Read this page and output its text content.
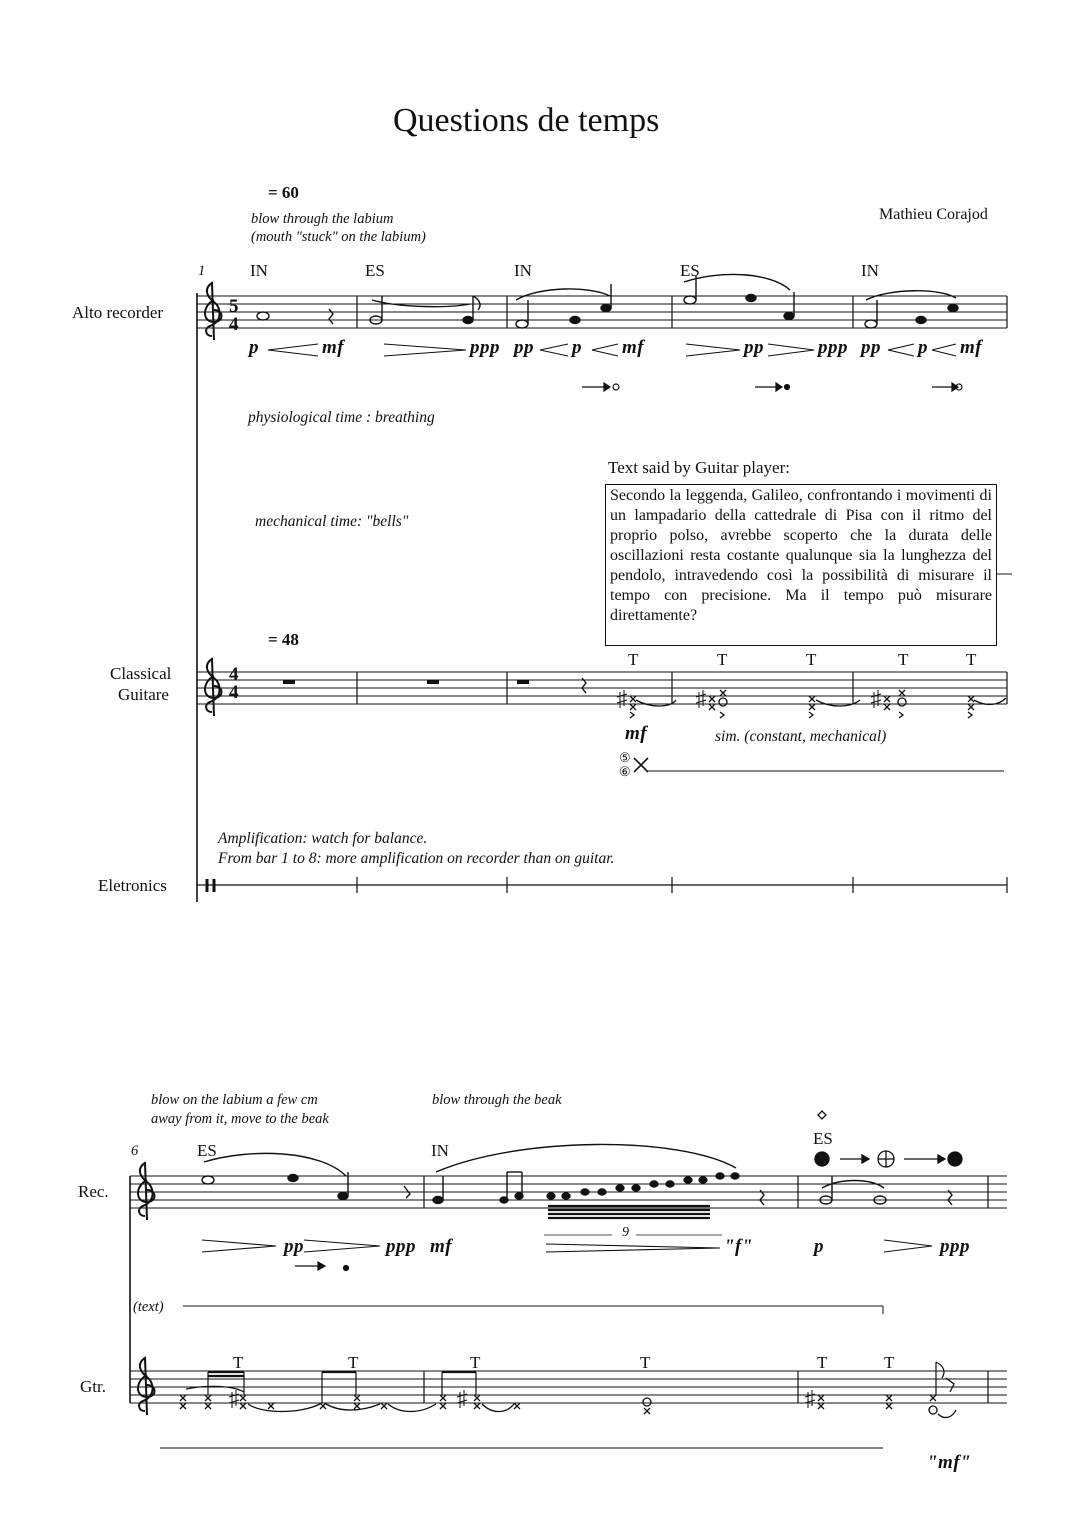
Questions de temps
Mathieu Corajod
= 60
blow through the labium
(mouth "stuck" on the labium)
1	IN	ES	IN	ES	IN
Alto recorder
Classical
Guitare
Eletronics
5
4
p	mf	ppp pp p mf	pp	ppp pp p mf
physiological time : breathing
mechanical time: "bells"
Text said by Guitar player:
Secondo la leggenda, Galileo, confrontando i movimenti di un lampadario della cattedrale di Pisa con il ritmo del proprio polso, avrebbe scoperto che la durata delle oscillazioni resta costante qualunque sia la lunghezza del pendolo, intravedendo così la possibilità di misurare il tempo con precisione. Ma il tempo può misurare direttamente?
= 48
4
4
T	T	T	T	T
mf	sim. (constant, mechanical)
⑤
⑥
Amplification: watch for balance.
From bar 1 to 8: more amplification on recorder than on guitar.
blow on the labium a few cm
away from it, move to the beak
blow through the beak
6	ES	IN
ES
Rec.
Gtr.
9
pp	ppp mf	"f"	p	ppp
(text)
T	T	T	T	T	T
"mf"
